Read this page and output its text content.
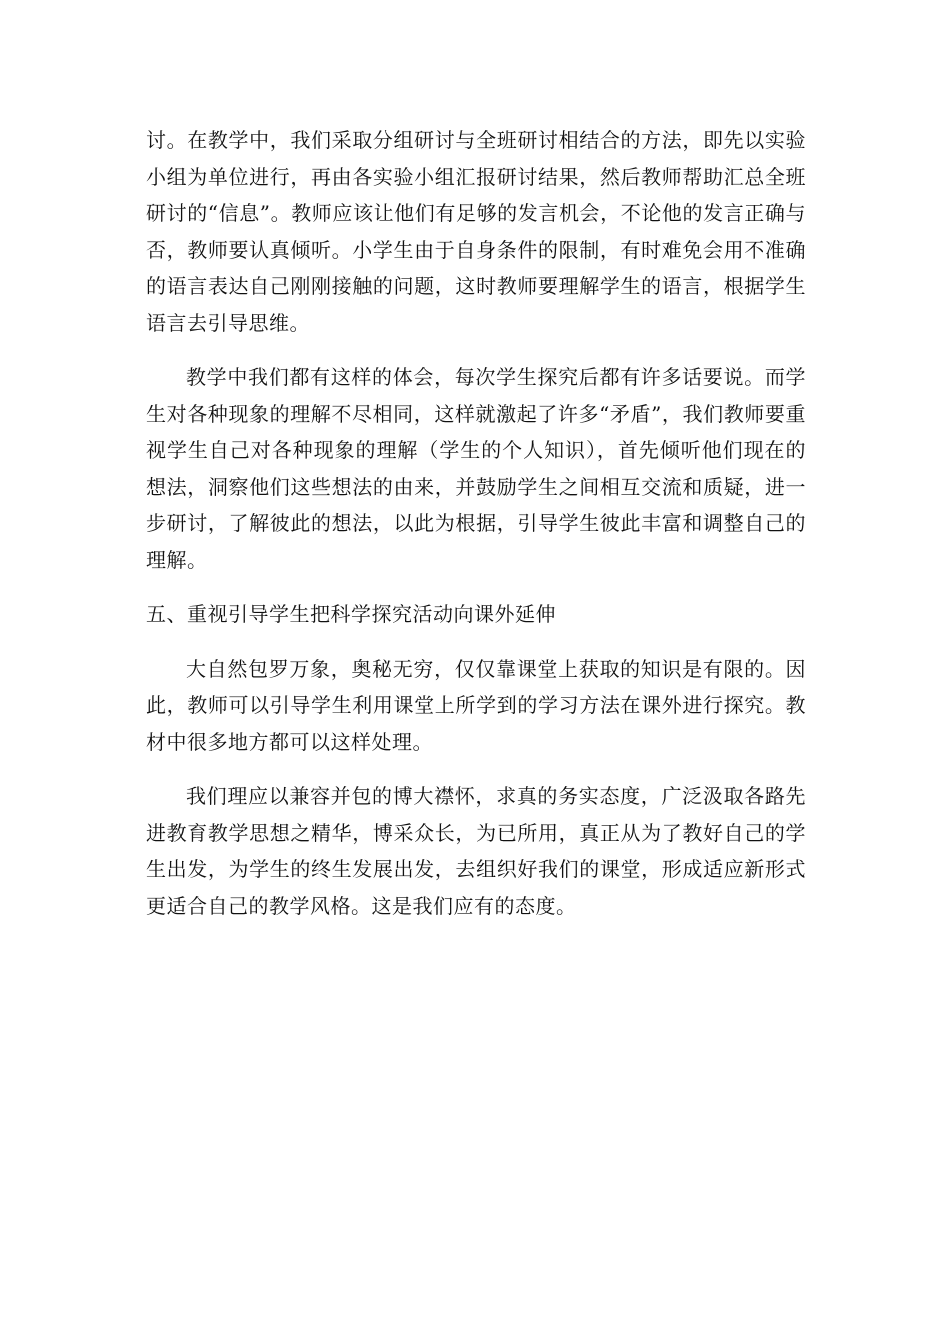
讨。在教学中，我们采取分组研讨与全班研讨相结合的方法，即先以实验小组为单位进行，再由各实验小组汇报研讨结果，然后教师帮助汇总全班研讨的“信息”。教师应该让他们有足够的发言机会，不论他的发言正确与否，教师要认真倾听。小学生由于自身条件的限制，有时难免会用不准确的语言表达自己刚刚接触的问题，这时教师要理解学生的语言，根据学生语言去引导思维。

教学中我们都有这样的体会，每次学生探究后都有许多话要说。而学生对各种现象的理解不尽相同，这样就激起了许多“矛盾”，我们教师要重视学生自己对各种现象的理解（学生的个人知识），首先倾听他们现在的想法，洞察他们这些想法的由来，并鼓励学生之间相互交流和质疑，进一步研讨，了解彼此的想法，以此为根据，引导学生彼此丰富和调整自己的理解。

五、重视引导学生把科学探究活动向课外延伸

大自然包罗万象，奥秘无穷，仅仅靠课堂上获取的知识是有限的。因此，教师可以引导学生利用课堂上所学到的学习方法在课外进行探究。教材中很多地方都可以这样处理。

我们理应以兼容并包的博大襟怀，求真的务实态度，广泛汲取各路先进教育教学思想之精华，博采众长，为已所用，真正从为了教好自己的学生出发，为学生的终生发展出发，去组织好我们的课堂，形成适应新形式更适合自己的教学风格。这是我们应有的态度。
